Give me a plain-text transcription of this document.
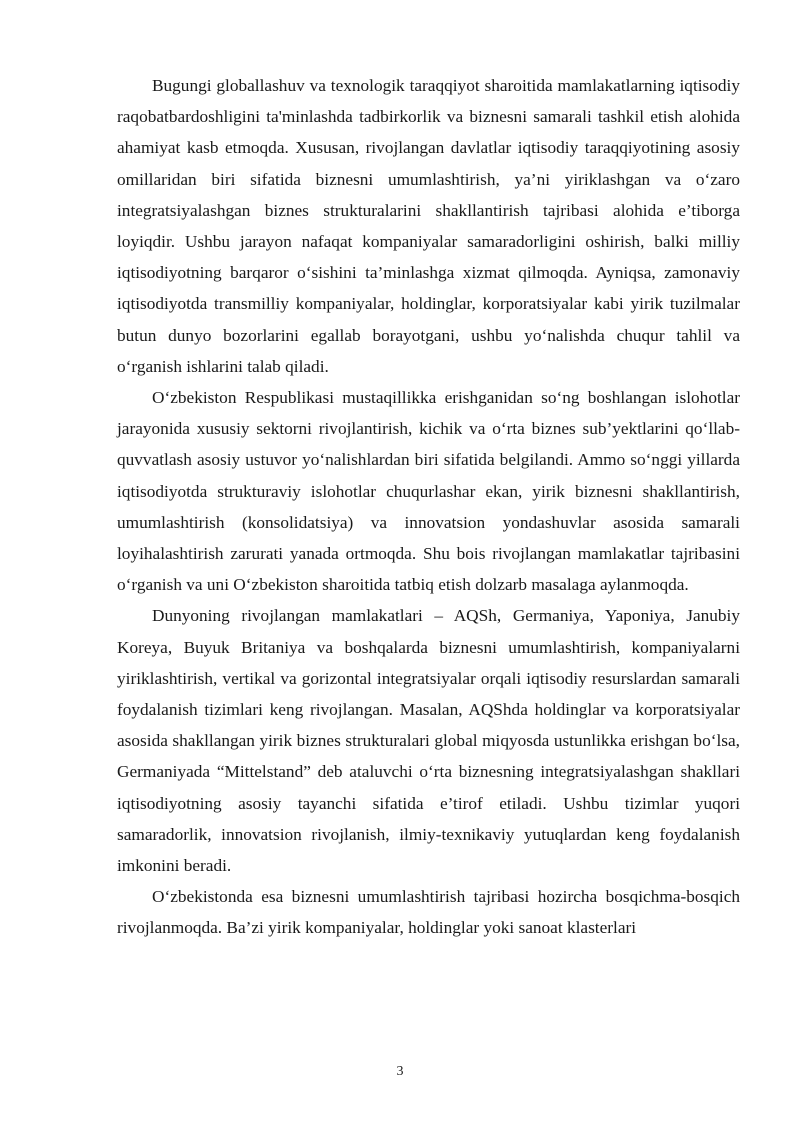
Bugungi globallashuv va texnologik taraqqiyot sharoitida mamlakatlarning iqtisodiy raqobatbardoshligini ta'minlashda tadbirkorlik va biznesni samarali tashkil etish alohida ahamiyat kasb etmoqda. Xususan, rivojlangan davlatlar iqtisodiy taraqqiyotining asosiy omillaridan biri sifatida biznesni umumlashtirish, ya’ni yiriklashgan va o‘zaro integratsiyalashgan biznes strukturalarini shakllantirish tajribasi alohida e’tiborga loyiqdir. Ushbu jarayon nafaqat kompaniyalar samaradorligini oshirish, balki milliy iqtisodiyotning barqaror o‘sishini ta’minlashga xizmat qilmoqda. Ayniqsa, zamonaviy iqtisodiyotda transmilliy kompaniyalar, holdinglar, korporatsiyalar kabi yirik tuzilmalar butun dunyo bozorlarini egallab borayotgani, ushbu yo‘nalishda chuqur tahlil va o‘rganish ishlarini talab qiladi.

O‘zbekiston Respublikasi mustaqillikka erishganidan so‘ng boshlangan islohotlar jarayonida xususiy sektorni rivojlantirish, kichik va o‘rta biznes sub’yektlarini qo‘llab-quvvatlash asosiy ustuvor yo‘nalishlardan biri sifatida belgilandi. Ammo so‘nggi yillarda iqtisodiyotda strukturaviy islohotlar chuqurlashar ekan, yirik biznesni shakllantirish, umumlashtirish (konsolidatsiya) va innovatsion yondashuvlar asosida samarali loyihalashtirish zarurati yanada ortmoqda. Shu bois rivojlangan mamlakatlar tajribasini o‘rganish va uni O‘zbekiston sharoitida tatbiq etish dolzarb masalaga aylanmoqda.

Dunyoning rivojlangan mamlakatlari – AQSh, Germaniya, Yaponiya, Janubiy Koreya, Buyuk Britaniya va boshqalarda biznesni umumlashtirish, kompaniyalarni yiriklashtirish, vertikal va gorizontal integratsiyalar orqali iqtisodiy resurslardan samarali foydalanish tizimlari keng rivojlangan. Masalan, AQShda holdinglar va korporatsiyalar asosida shakllangan yirik biznes strukturalari global miqyosda ustunlikka erishgan bo‘lsa, Germaniyada “Mittelstand” deb ataluvchi o‘rta biznesning integratsiyalashgan shakllari iqtisodiyotning asosiy tayanchi sifatida e’tirof etiladi. Ushbu tizimlar yuqori samaradorlik, innovatsion rivojlanish, ilmiy-texnikaviy yutuqlardan keng foydalanish imkonini beradi.

O‘zbekistonda esa biznesni umumlashtirish tajribasi hozircha bosqichma-bosqich rivojlanmoqda. Ba’zi yirik kompaniyalar, holdinglar yoki sanoat klasterlari

3
